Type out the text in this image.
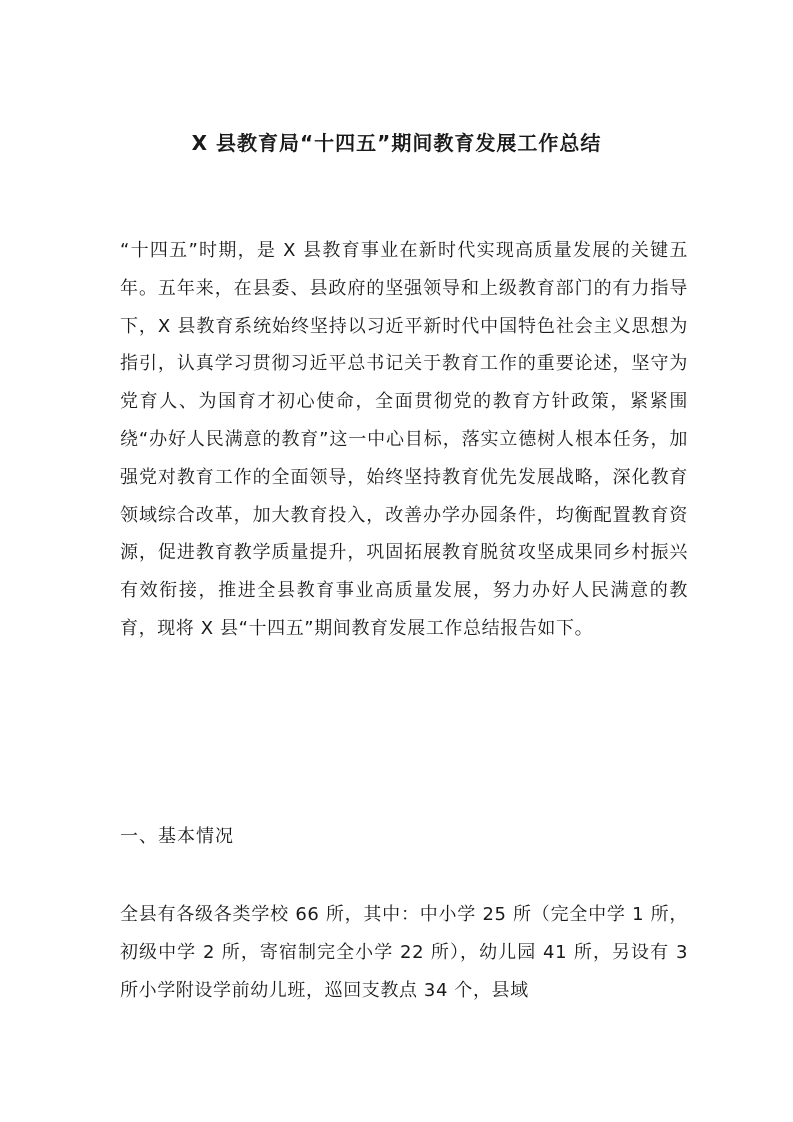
X 县教育局“十四五”期间教育发展工作总结

“十四五”时期，是 X 县教育事业在新时代实现高质量发展的关键五年。五年来，在县委、县政府的坚强领导和上级教育部门的有力指导下，X 县教育系统始终坚持以习近平新时代中国特色社会主义思想为指引，认真学习贯彻习近平总书记关于教育工作的重要论述，坚守为党育人、为国育才初心使命，全面贯彻党的教育方针政策，紧紧围绕“办好人民满意的教育”这一中心目标，落实立德树人根本任务，加强党对教育工作的全面领导，始终坚持教育优先发展战略，深化教育领域综合改革，加大教育投入，改善办学办园条件，均衡配置教育资源，促进教育教学质量提升，巩固拓展教育脱贫攻坚成果同乡村振兴有效衔接，推进全县教育事业高质量发展，努力办好人民满意的教育，现将 X 县“十四五”期间教育发展工作总结报告如下。

一、基本情况

全县有各级各类学校 66 所，其中：中小学 25 所（完全中学 1 所，初级中学 2 所，寄宿制完全小学 22 所），幼儿园 41 所，另设有 3 所小学附设学前幼儿班，巡回支教点 34 个，县域
